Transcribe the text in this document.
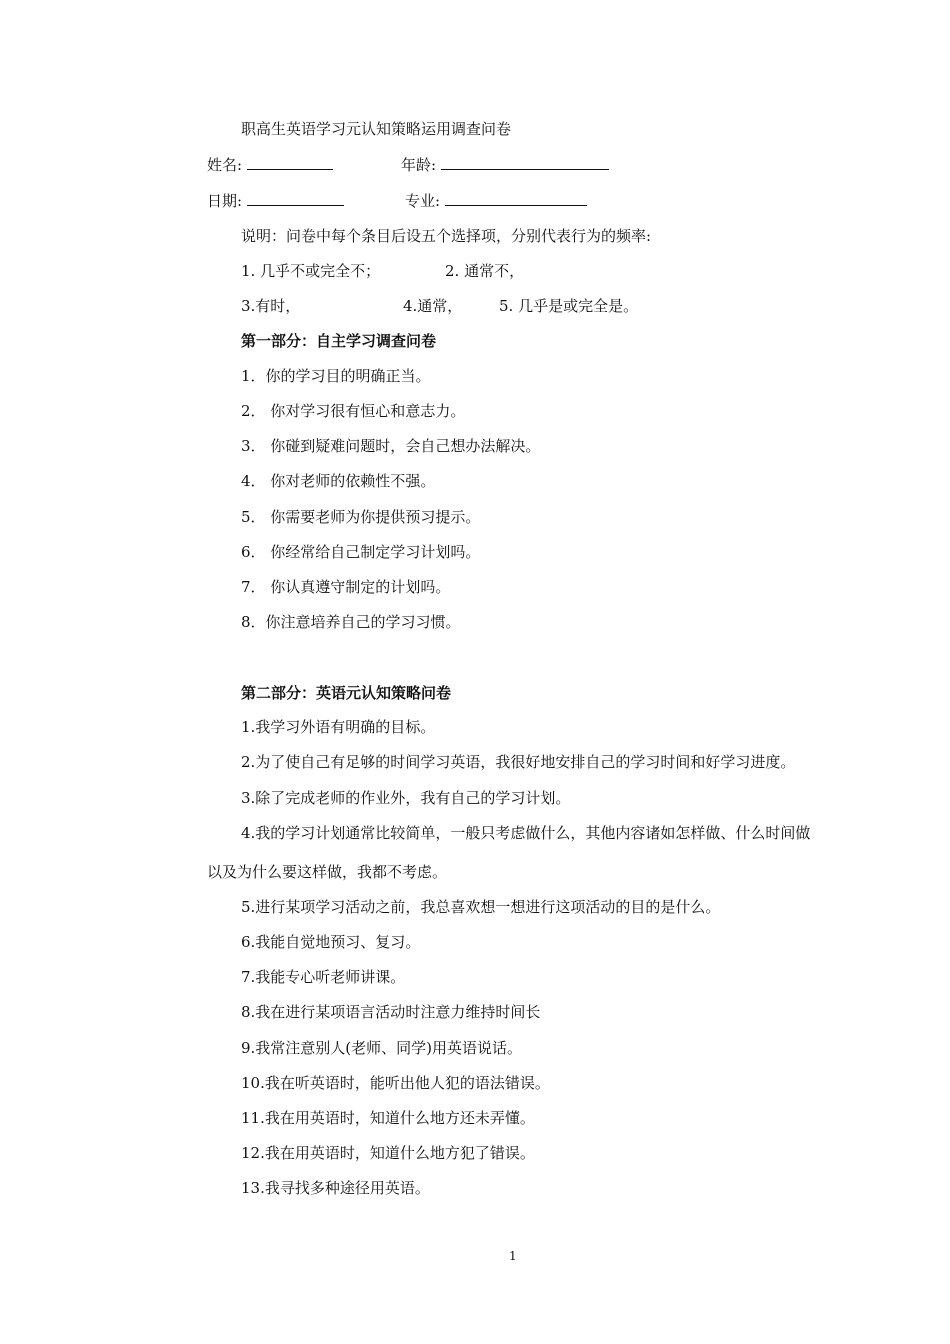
职高生英语学习元认知策略运用调查问卷
姓名:	年龄:
日期:	专业:
说明：问卷中每个条目后设五个选择项，分别代表行为的频率:
1. 几乎不或完全不；	2. 通常不，
3.有时，	4.通常， 5. 几乎是或完全是。
第一部分：自主学习调查问卷
1．你的学习目的明确正当。
2． 你对学习很有恒心和意志力。
3． 你碰到疑难问题时，会自己想办法解决。
4． 你对老师的依赖性不强。
5． 你需要老师为你提供预习提示。
6． 你经常给自己制定学习计划吗。
7． 你认真遵守制定的计划吗。
8．你注意培养自己的学习习惯。
第二部分：英语元认知策略问卷
1.我学习外语有明确的目标。
2.为了使自己有足够的时间学习英语，我很好地安排自己的学习时间和好学习进度。
3.除了完成老师的作业外，我有自己的学习计划。
4.我的学习计划通常比较简单，一般只考虑做什么，其他内容诸如怎样做、什么时间做
以及为什么要这样做，我都不考虑。
5.进行某项学习活动之前，我总喜欢想一想进行这项活动的目的是什么。
6.我能自觉地预习、复习。
7.我能专心听老师讲课。
8.我在进行某项语言活动时注意力维持时间长
9.我常注意别人(老师、同学)用英语说话。
10.我在听英语时，能听出他人犯的语法错误。
11.我在用英语时，知道什么地方还未弄懂。
12.我在用英语时，知道什么地方犯了错误。
13.我寻找多种途径用英语。
1
